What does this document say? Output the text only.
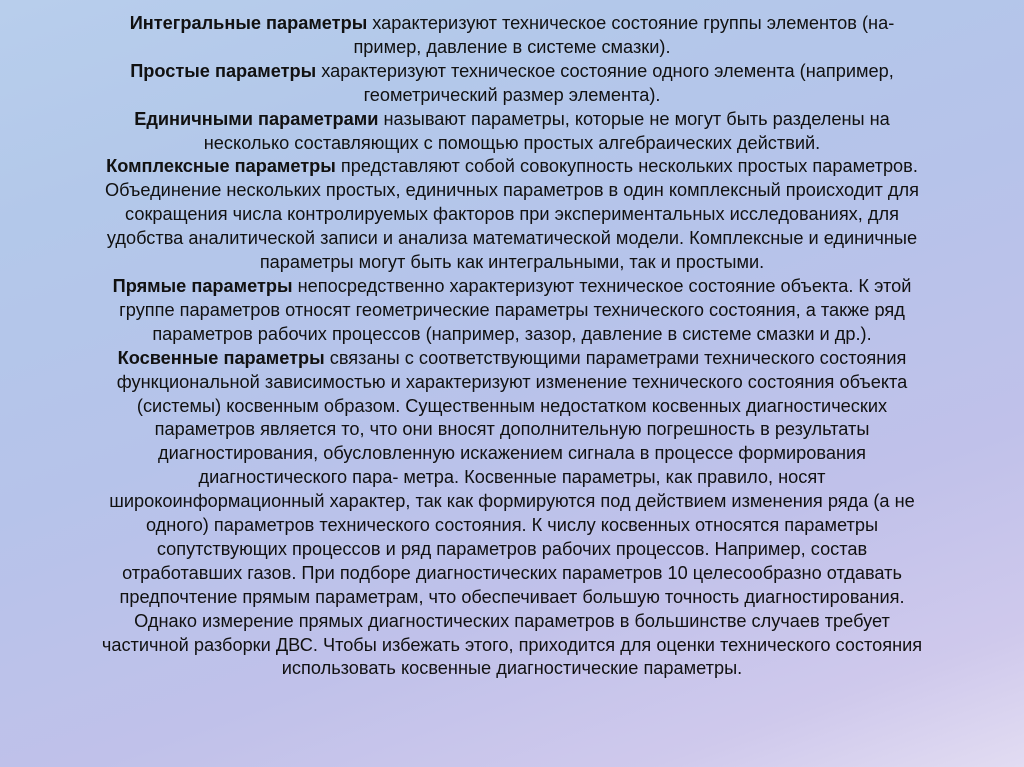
Интегральные параметры характеризуют техническое состояние группы элементов (на-
пример, давление в системе смазки).
Простые параметры характеризуют техническое состояние одного элемента (например,
геометрический размер элемента).
Единичными параметрами называют параметры, которые не могут быть разделены на
несколько составляющих с помощью простых алгебраических действий.
Комплексные параметры представляют собой совокупность нескольких простых параметров.
Объединение нескольких простых, единичных параметров в один комплексный происходит для
сокращения числа контролируемых факторов при экспериментальных исследованиях, для
удобства аналитической записи и анализа математической модели. Комплексные и единичные
параметры могут быть как интегральными, так и простыми.
Прямые параметры непосредственно характеризуют техническое состояние объекта. К этой
группе параметров относят геометрические параметры технического состояния, а также ряд
параметров рабочих процессов (например, зазор, давление в системе смазки и др.).
Косвенные параметры связаны с соответствующими параметрами технического состояния
функциональной зависимостью и характеризуют изменение технического состояния объекта
(системы) косвенным образом. Существенным недостатком косвенных диагностических
параметров является то, что они вносят дополнительную погрешность в результаты
диагностирования, обусловленную искажением сигнала в процессе формирования
диагностического пара- метра. Косвенные параметры, как правило, носят
широкоинформационный характер, так как формируются под действием изменения ряда (а не
одного) параметров технического состояния. К числу косвенных относятся параметры
сопутствующих процессов и ряд параметров рабочих процессов. Например, состав
отработавших газов. При подборе диагностических параметров 10 целесообразно отдавать
предпочтение прямым параметрам, что обеспечивает большую точность диагностирования.
Однако измерение прямых диагностических параметров в большинстве случаев требует
частичной разборки ДВС. Чтобы избежать этого, приходится для оценки технического состояния
использовать косвенные диагностические параметры.
